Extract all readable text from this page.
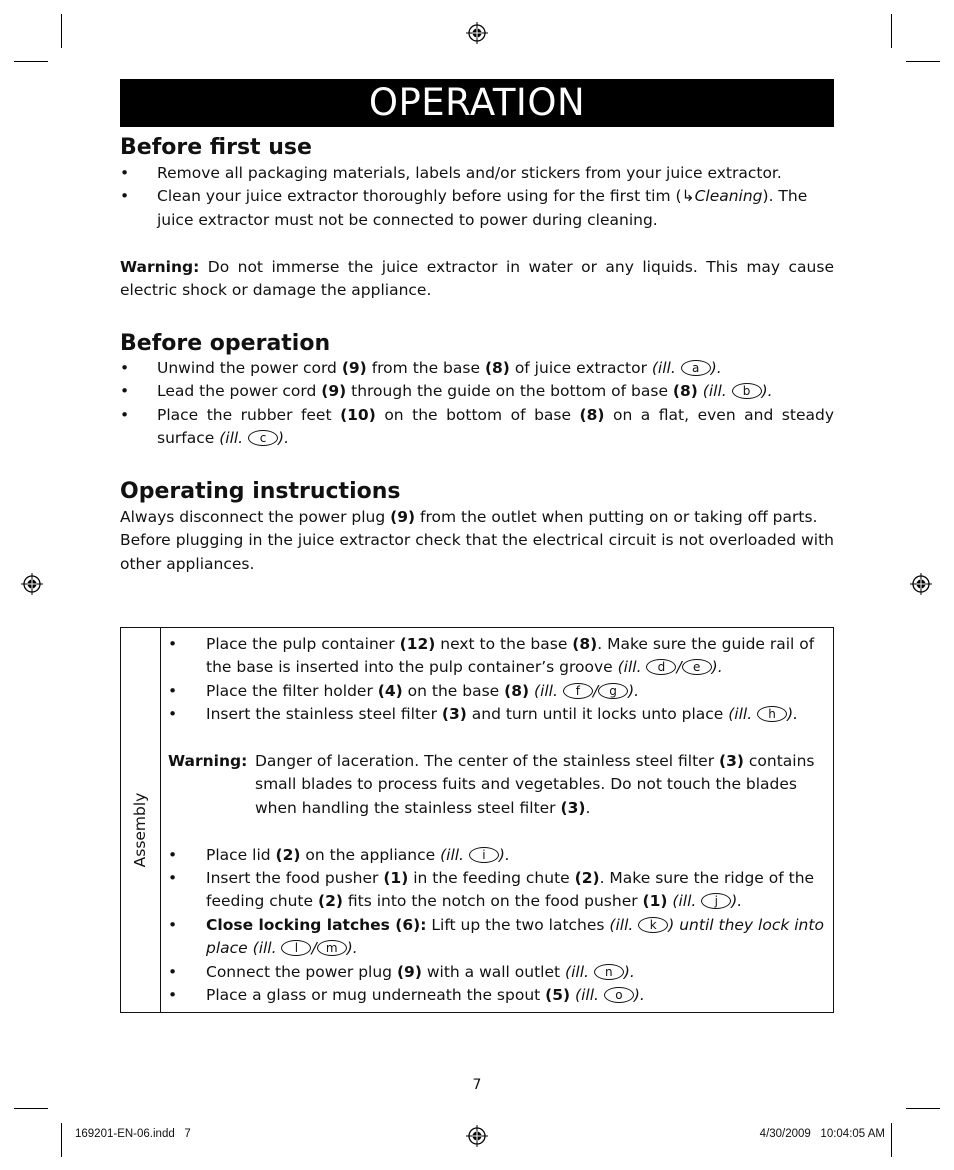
OPERATION
Before first use

• Remove all packaging materials, labels and/or stickers from your juice extractor.

• Clean your juice extractor thoroughly before using for the first tim (↳Cleaning). The juice extractor must not be connected to power during cleaning.

Warning: Do not immerse the juice extractor in water or any liquids. This may cause electric shock or damage the appliance.

Before operation

• Unwind the power cord (9) from the base (8) of juice extractor (ill. a ).

• Lead the power cord (9) through the guide on the bottom of base (8) (ill. b ).

• Place the rubber feet (10) on the bottom of base (8) on a flat, even and steady surface (ill. c ).

Operating instructions

Always disconnect the power plug (9) from the outlet when putting on or taking off parts.

Before plugging in the juice extractor check that the electrical circuit is not overloaded with other appliances.

Assembly

• Place the pulp container (12) next to the base (8). Make sure the guide rail of the base is inserted into the pulp container’s groove (ill. d / e ).

• Place the filter holder (4) on the base (8) (ill. f / g ).

• Insert the stainless steel filter (3) and turn until it locks unto place (ill. h ).

Warning: Danger of laceration. The center of the stainless steel filter (3) contains small blades to process fuits and vegetables. Do not touch the blades when handling the stainless steel filter (3).

• Place lid (2) on the appliance (ill. i ).

• Insert the food pusher (1) in the feeding chute (2). Make sure the ridge of the feeding chute (2) fits into the notch on the food pusher (1) (ill. j ).

• Close locking latches (6): Lift up the two latches (ill. k ) until they lock into place (ill. l / m ).

• Connect the power plug (9) with a wall outlet (ill. n ).

• Place a glass or mug underneath the spout (5) (ill. o ).

7
169201-EN-06.indd   7	4/30/2009   10:04:05 AM
